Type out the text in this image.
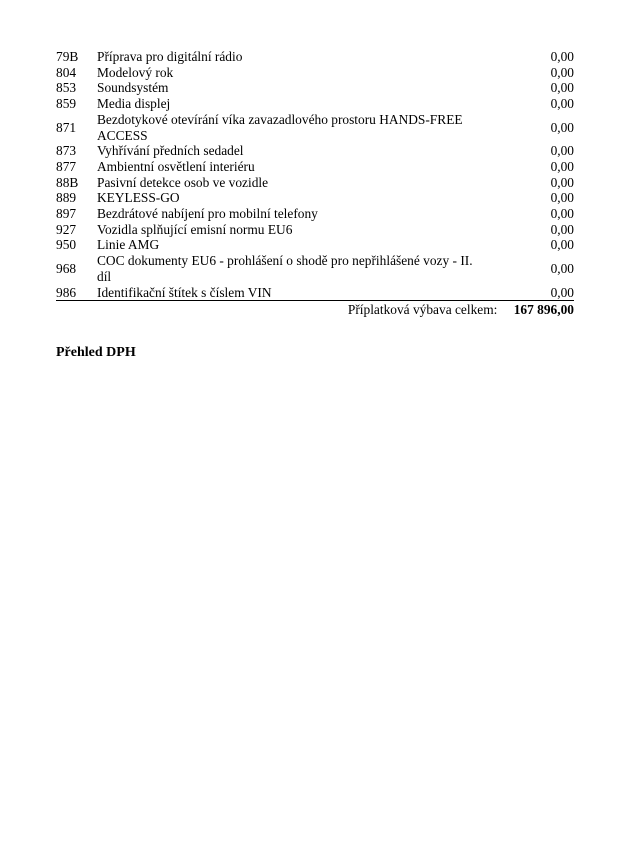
79B	Příprava pro digitální rádio	0,00
804	Modelový rok	0,00
853	Soundsystém	0,00
859	Media displej	0,00
871	Bezdotykové otevírání víka zavazadlového prostoru HANDS-FREE ACCESS	0,00
873	Vyhřívání předních sedadel	0,00
877	Ambientní osvětlení interiéru	0,00
88B	Pasivní detekce osob ve vozidle	0,00
889	KEYLESS-GO	0,00
897	Bezdrátové nabíjení pro mobilní telefony	0,00
927	Vozidla splňující emisní normu EU6	0,00
950	Linie AMG	0,00
968	COC dokumenty EU6 - prohlášení o shodě pro nepřihlášené vozy - II. díl	0,00
986	Identifikační štítek s číslem VIN	0,00
Příplatková výbava celkem: 167 896,00
Přehled DPH
